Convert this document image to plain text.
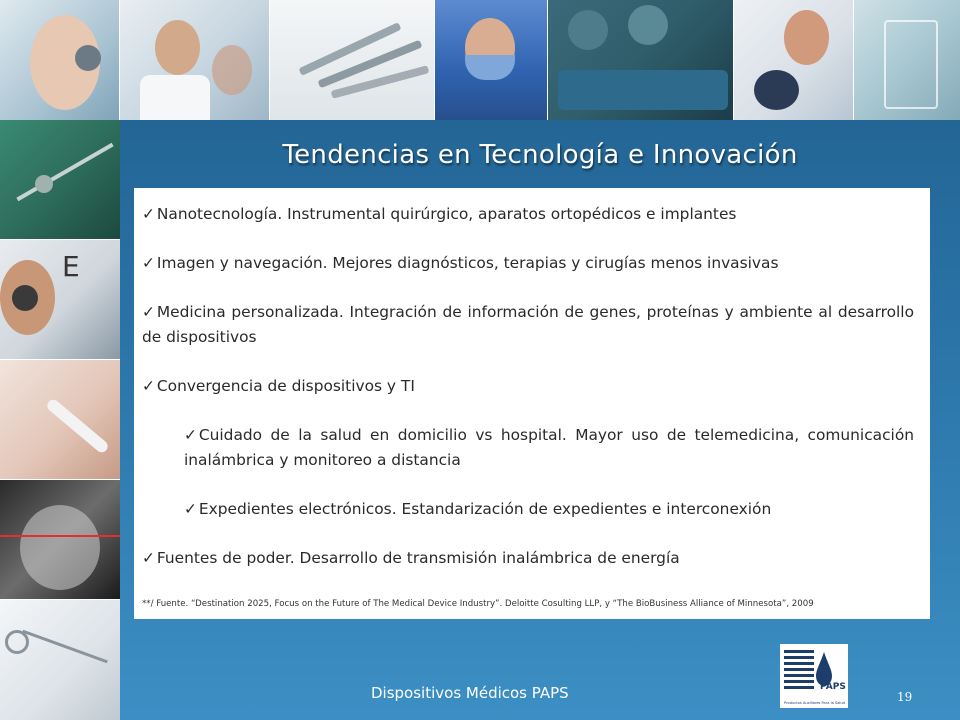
E
Tendencias en Tecnología e Innovación
✓ Nanotecnología. Instrumental quirúrgico, aparatos ortopédicos e implantes
✓ Imagen y navegación. Mejores diagnósticos, terapias y cirugías menos invasivas
✓ Medicina personalizada. Integración de información de genes, proteínas y ambiente al desarrollo de dispositivos
✓ Convergencia de dispositivos y TI
✓ Cuidado de la salud en domicilio vs hospital. Mayor uso de telemedicina, comunicación inalámbrica y monitoreo a distancia
✓ Expedientes electrónicos. Estandarización de expedientes e interconexión
✓ Fuentes de poder. Desarrollo de transmisión inalámbrica de energía
**/ Fuente. “Destination 2025, Focus on the Future of The Medical Device Industry”. Deloitte Cosulting LLP, y “The BioBusiness Alliance of Minnesota”, 2009
Dispositivos Médicos PAPS	19
PAPS
Productos Auxiliares Para la Salud
